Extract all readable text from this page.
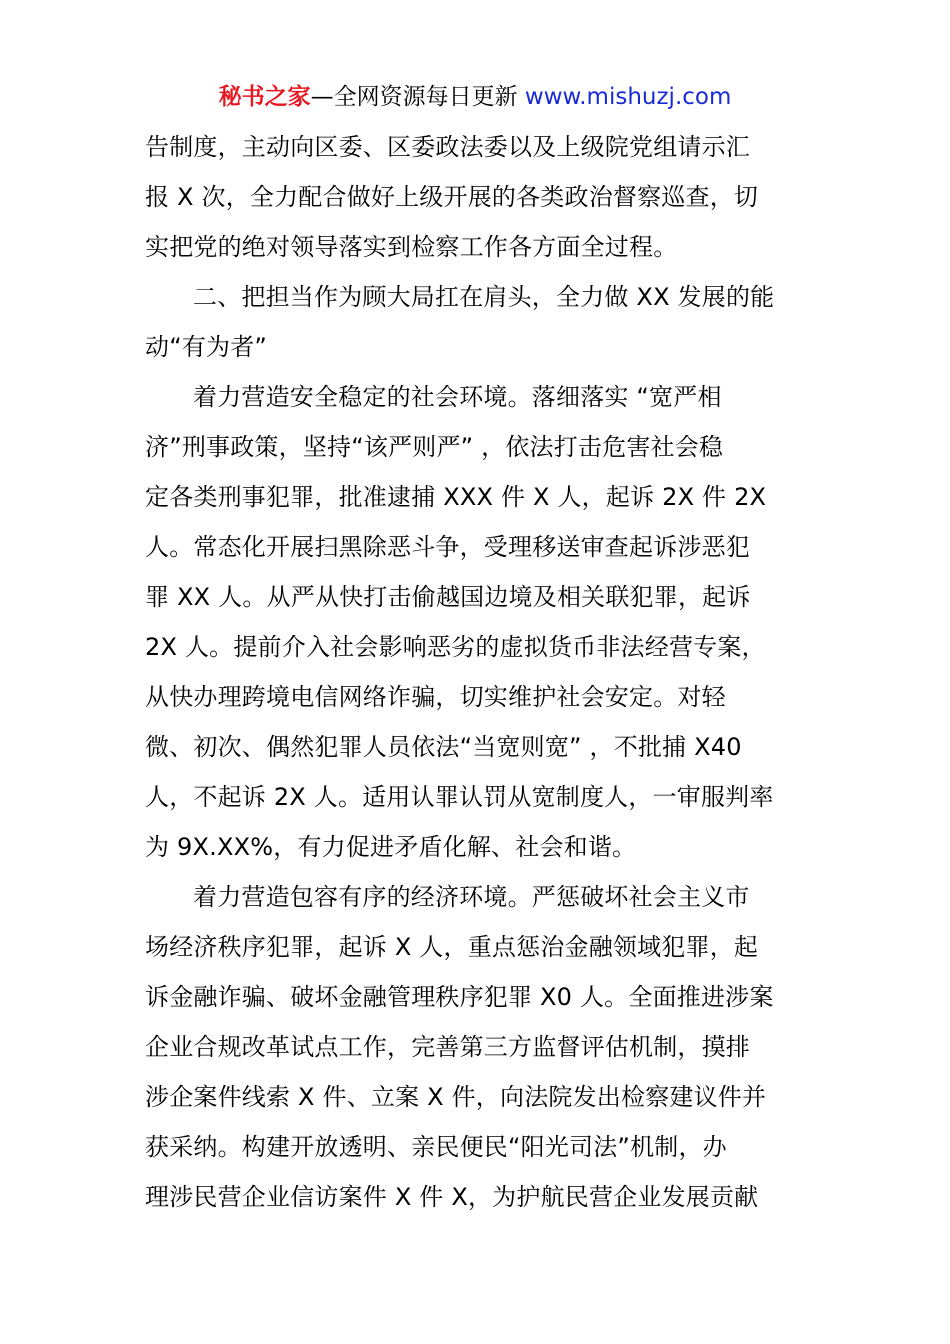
秘书之家—全网资源每日更新 www.mishuzj.com
告制度，主动向区委、区委政法委以及上级院党组请示汇
报 X 次，全力配合做好上级开展的各类政治督察巡查，切
实把党的绝对领导落实到检察工作各方面全过程。
二、把担当作为顾大局扛在肩头，全力做 XX 发展的能
动“有为者”
着力营造安全稳定的社会环境。落细落实 “宽严相
济”刑事政策，坚持“该严则严” ，依法打击危害社会稳
定各类刑事犯罪，批准逮捕 XXX 件 X 人，起诉 2X 件 2X
人。常态化开展扫黑除恶斗争，受理移送审查起诉涉恶犯
罪 XX 人。从严从快打击偷越国边境及相关联犯罪，起诉
2X 人。提前介入社会影响恶劣的虚拟货币非法经营专案，
从快办理跨境电信网络诈骗，切实维护社会安定。对轻
微、初次、偶然犯罪人员依法“当宽则宽” ，不批捕 X40
人，不起诉 2X 人。适用认罪认罚从宽制度人，一审服判率
为 9X.XX%，有力促进矛盾化解、社会和谐。
着力营造包容有序的经济环境。严惩破坏社会主义市
场经济秩序犯罪，起诉 X 人，重点惩治金融领域犯罪，起
诉金融诈骗、破坏金融管理秩序犯罪 X0 人。全面推进涉案
企业合规改革试点工作，完善第三方监督评估机制，摸排
涉企案件线索 X 件、立案 X 件，向法院发出检察建议件并
获采纳。构建开放透明、亲民便民“阳光司法”机制，办
理涉民营企业信访案件 X 件 X，为护航民营企业发展贡献
